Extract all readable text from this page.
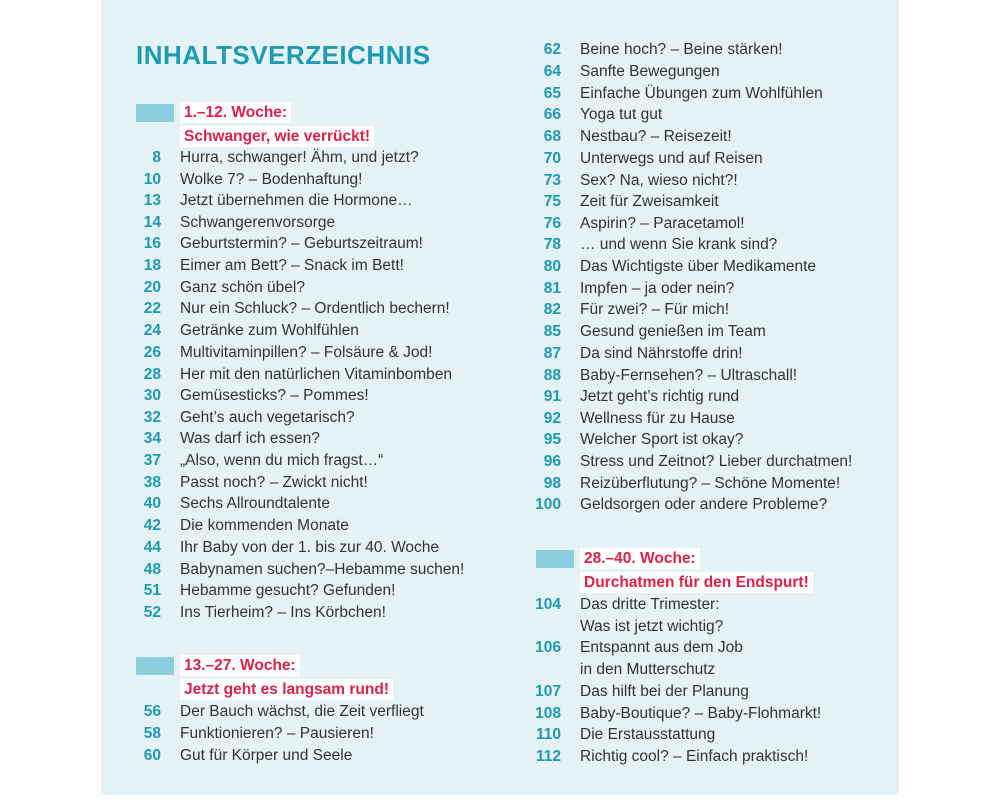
INHALTSVERZEICHNIS
1.–12. Woche:
Schwanger, wie verrückt!
8 Hurra, schwanger! Ähm, und jetzt?
10 Wolke 7? – Bodenhaftung!
13 Jetzt übernehmen die Hormone…
14 Schwangerenvorsorge
16 Geburtstermin? – Geburtszeitraum!
18 Eimer am Bett? – Snack im Bett!
20 Ganz schön übel?
22 Nur ein Schluck? – Ordentlich bechern!
24 Getränke zum Wohlfühlen
26 Multivitaminpillen? – Folsäure & Jod!
28 Her mit den natürlichen Vitaminbomben
30 Gemüsesticks? – Pommes!
32 Geht’s auch vegetarisch?
34 Was darf ich essen?
37 „Also, wenn du mich fragst…“
38 Passt noch? – Zwickt nicht!
40 Sechs Allroundtalente
42 Die kommenden Monate
44 Ihr Baby von der 1. bis zur 40. Woche
48 Babynamen suchen?–Hebamme suchen!
51 Hebamme gesucht? Gefunden!
52 Ins Tierheim? – Ins Körbchen!
13.–27. Woche:
Jetzt geht es langsam rund!
56 Der Bauch wächst, die Zeit verfliegt
58 Funktionieren? – Pausieren!
60 Gut für Körper und Seele
62 Beine hoch? – Beine stärken!
64 Sanfte Bewegungen
65 Einfache Übungen zum Wohlfühlen
66 Yoga tut gut
68 Nestbau? – Reisezeit!
70 Unterwegs und auf Reisen
73 Sex? Na, wieso nicht?!
75 Zeit für Zweisamkeit
76 Aspirin? – Paracetamol!
78 … und wenn Sie krank sind?
80 Das Wichtigste über Medikamente
81 Impfen – ja oder nein?
82 Für zwei? – Für mich!
85 Gesund genießen im Team
87 Da sind Nährstoffe drin!
88 Baby-Fernsehen? – Ultraschall!
91 Jetzt geht’s richtig rund
92 Wellness für zu Hause
95 Welcher Sport ist okay?
96 Stress und Zeitnot? Lieber durchatmen!
98 Reizüberflutung? – Schöne Momente!
100 Geldsorgen oder andere Probleme?
28.–40. Woche:
Durchatmen für den Endspurt!
104 Das dritte Trimester:
Was ist jetzt wichtig?
106 Entspannt aus dem Job
in den Mutterschutz
107 Das hilft bei der Planung
108 Baby-Boutique? – Baby-Flohmarkt!
110 Die Erstausstattung
112 Richtig cool? – Einfach praktisch!
